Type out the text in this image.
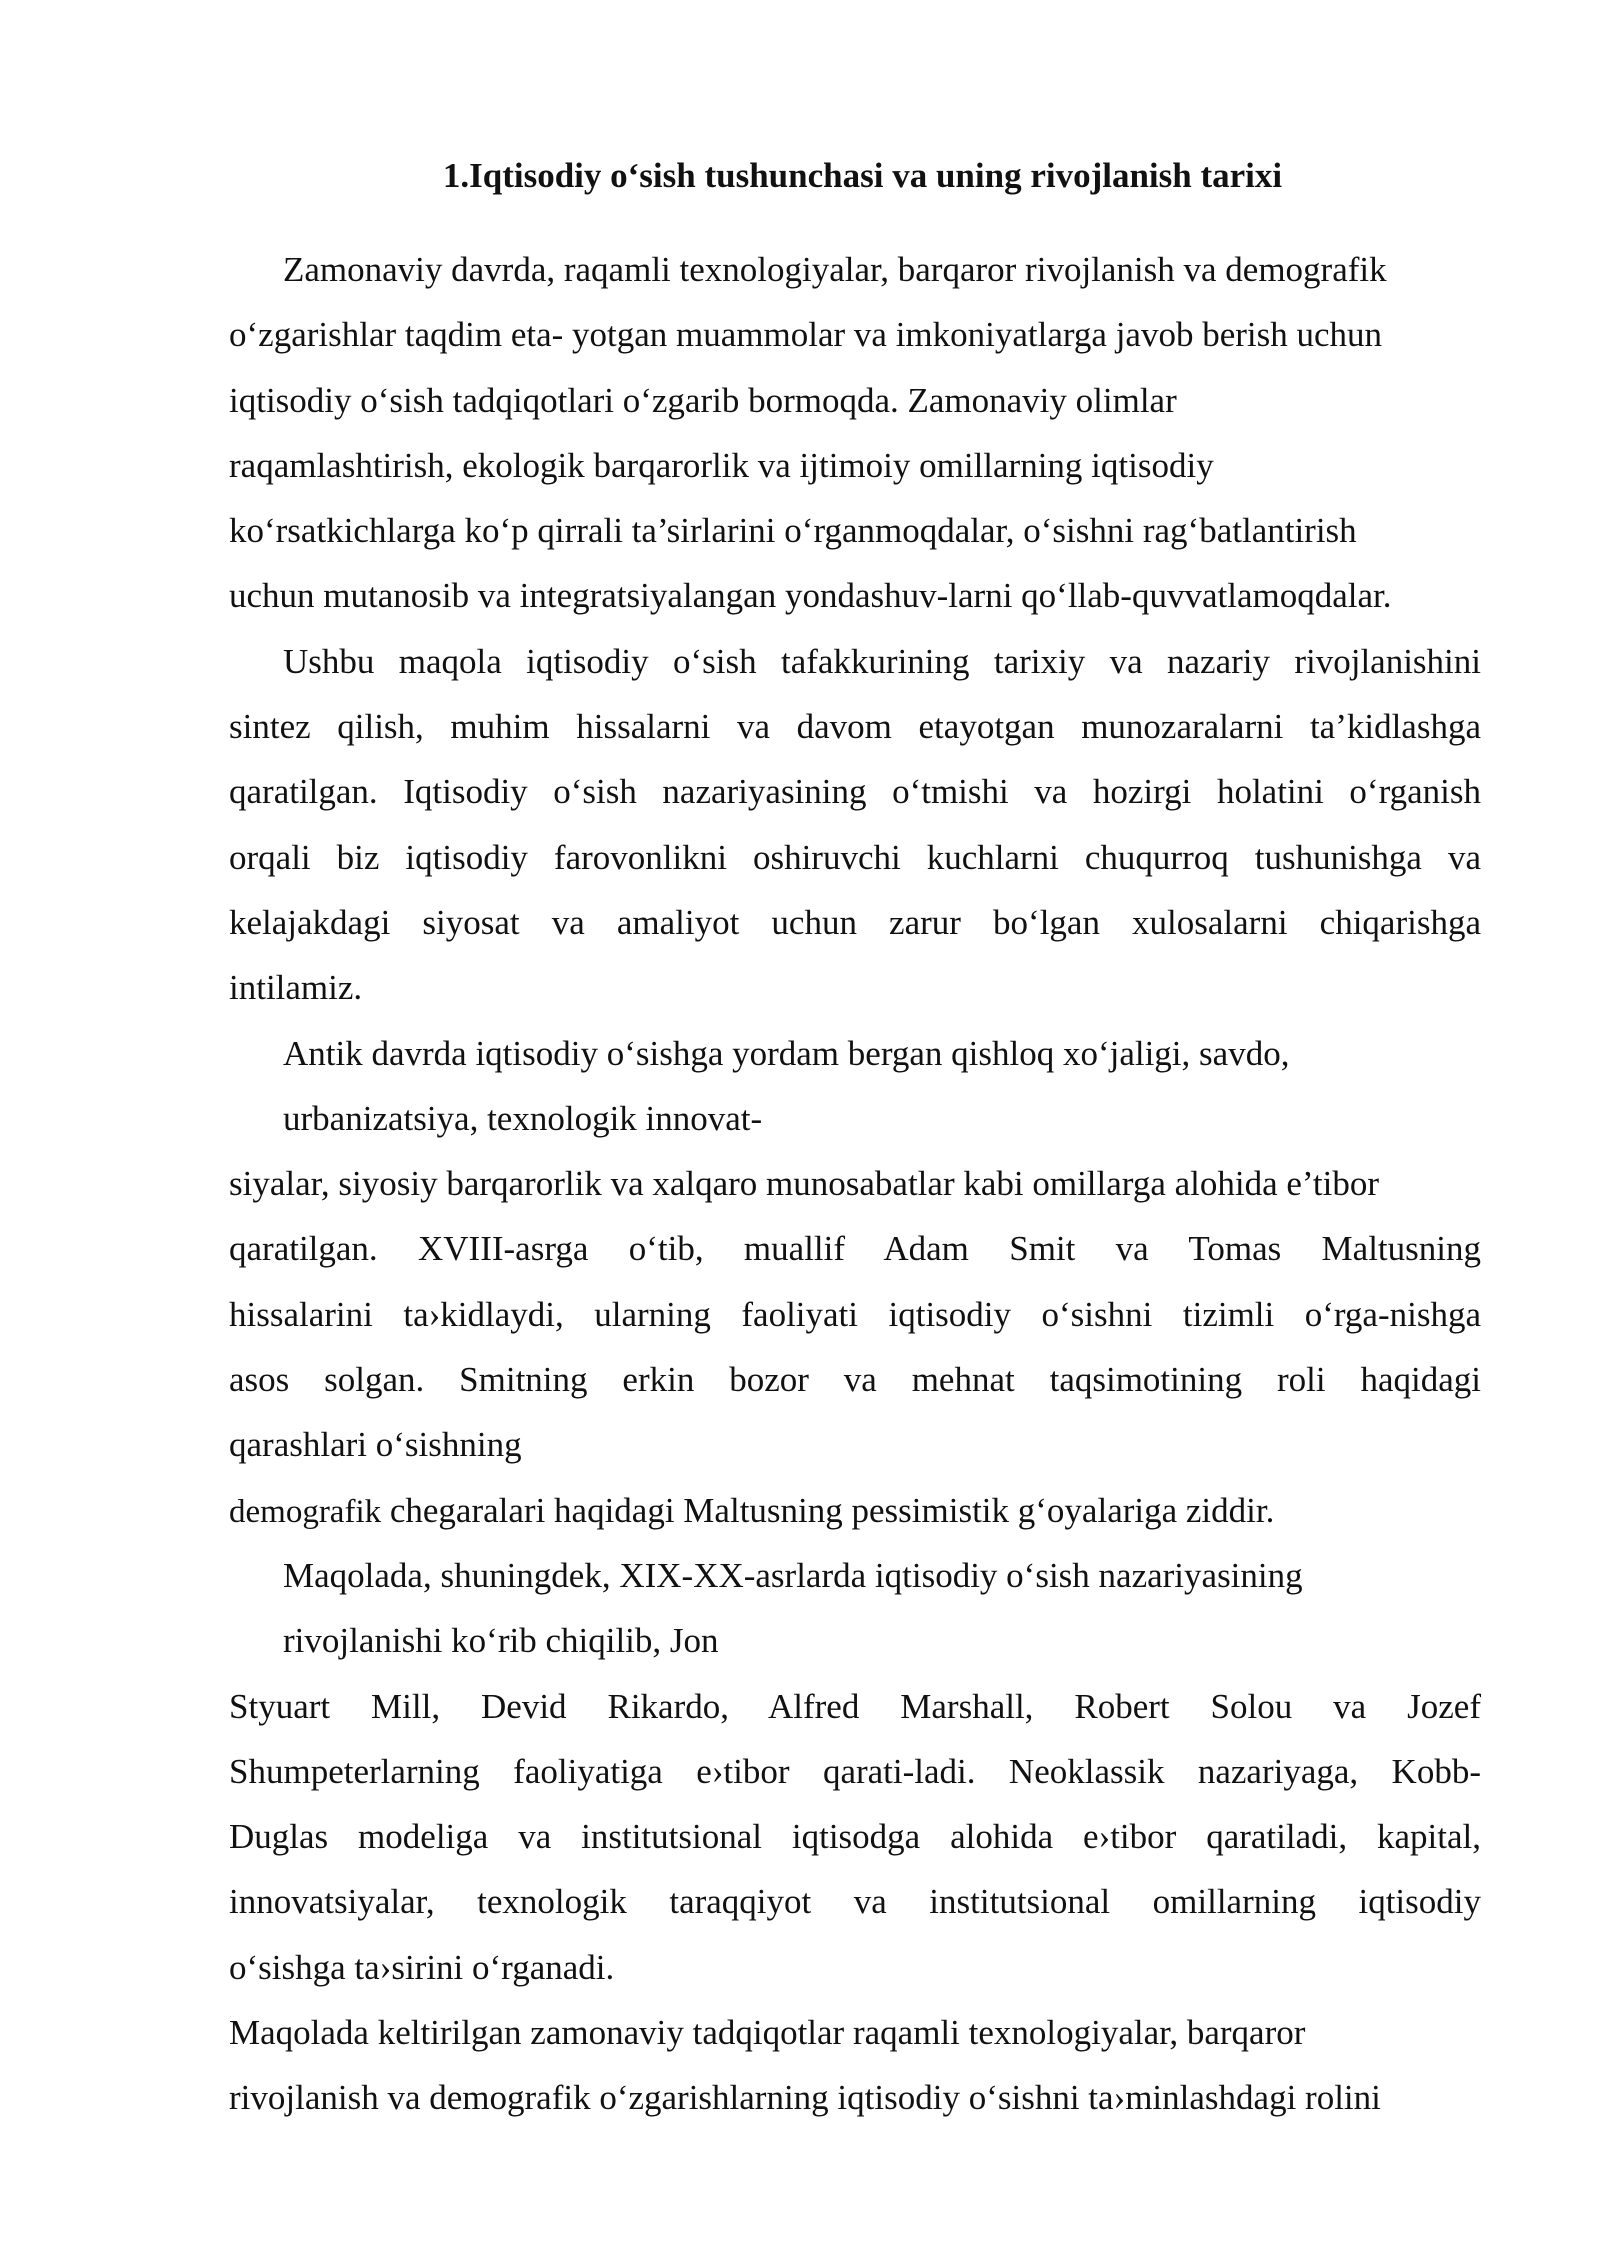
1.Iqtisodiy o‘sish tushunchasi va uning rivojlanish tarixi
Zamonaviy davrda, raqamli texnologiyalar, barqaror rivojlanish va demografik
o‘zgarishlar taqdim eta- yotgan muammolar va imkoniyatlarga javob berish uchun
iqtisodiy o‘sish tadqiqotlari o‘zgarib bormoqda. Zamonaviy olimlar
raqamlashtirish, ekologik barqarorlik va ijtimoiy omillarning iqtisodiy
ko‘rsatkichlarga ko‘p qirrali ta’sirlarini o‘rganmoqdalar, o‘sishni rag‘batlantirish
uchun mutanosib va integratsiyalangan yondashuv-larni qo‘llab-quvvatlamoqdalar.
Ushbu maqola iqtisodiy o‘sish tafakkurining tarixiy va nazariy rivojlanishini
sintez qilish, muhim hissalarni va davom etayotgan munozaralarni ta’kidlashga
qaratilgan. Iqtisodiy o‘sish nazariyasining o‘tmishi va hozirgi holatini o‘rganish
orqali biz iqtisodiy farovonlikni oshiruvchi kuchlarni chuqurroq tushunishga va
kelajakdagi siyosat va amaliyot uchun zarur bo‘lgan xulosalarni chiqarishga
intilamiz.
Antik davrda iqtisodiy o‘sishga yordam bergan qishloq xo‘jaligi, savdo,
urbanizatsiya, texnologik innovat-
siyalar, siyosiy barqarorlik va xalqaro munosabatlar kabi omillarga alohida e’tibor
qaratilgan. XVIII-asrga o‘tib, muallif Adam Smit va Tomas Maltusning
hissalarini ta›kidlaydi, ularning faoliyati iqtisodiy o‘sishni tizimli o‘rga-nishga
asos solgan. Smitning erkin bozor va mehnat taqsimotining roli haqidagi
qarashlari o‘sishning
demografik chegaralari haqidagi Maltusning pessimistik g‘oyalariga ziddir.
Maqolada, shuningdek, XIX-XX-asrlarda iqtisodiy o‘sish nazariyasining
rivojlanishi ko‘rib chiqilib, Jon
Styuart Mill, Devid Rikardo, Alfred Marshall, Robert Solou va Jozef
Shumpeterlarning faoliyatiga e›tibor qarati-ladi. Neoklassik nazariyaga, Kobb-
Duglas modeliga va institutsional iqtisodga alohida e›tibor qaratiladi, kapital,
innovatsiyalar, texnologik taraqqiyot va institutsional omillarning iqtisodiy
o‘sishga ta›sirini o‘rganadi.
Maqolada keltirilgan zamonaviy tadqiqotlar raqamli texnologiyalar, barqaror
rivojlanish va demografik o‘zgarishlarning iqtisodiy o‘sishni ta›minlashdagi rolini
